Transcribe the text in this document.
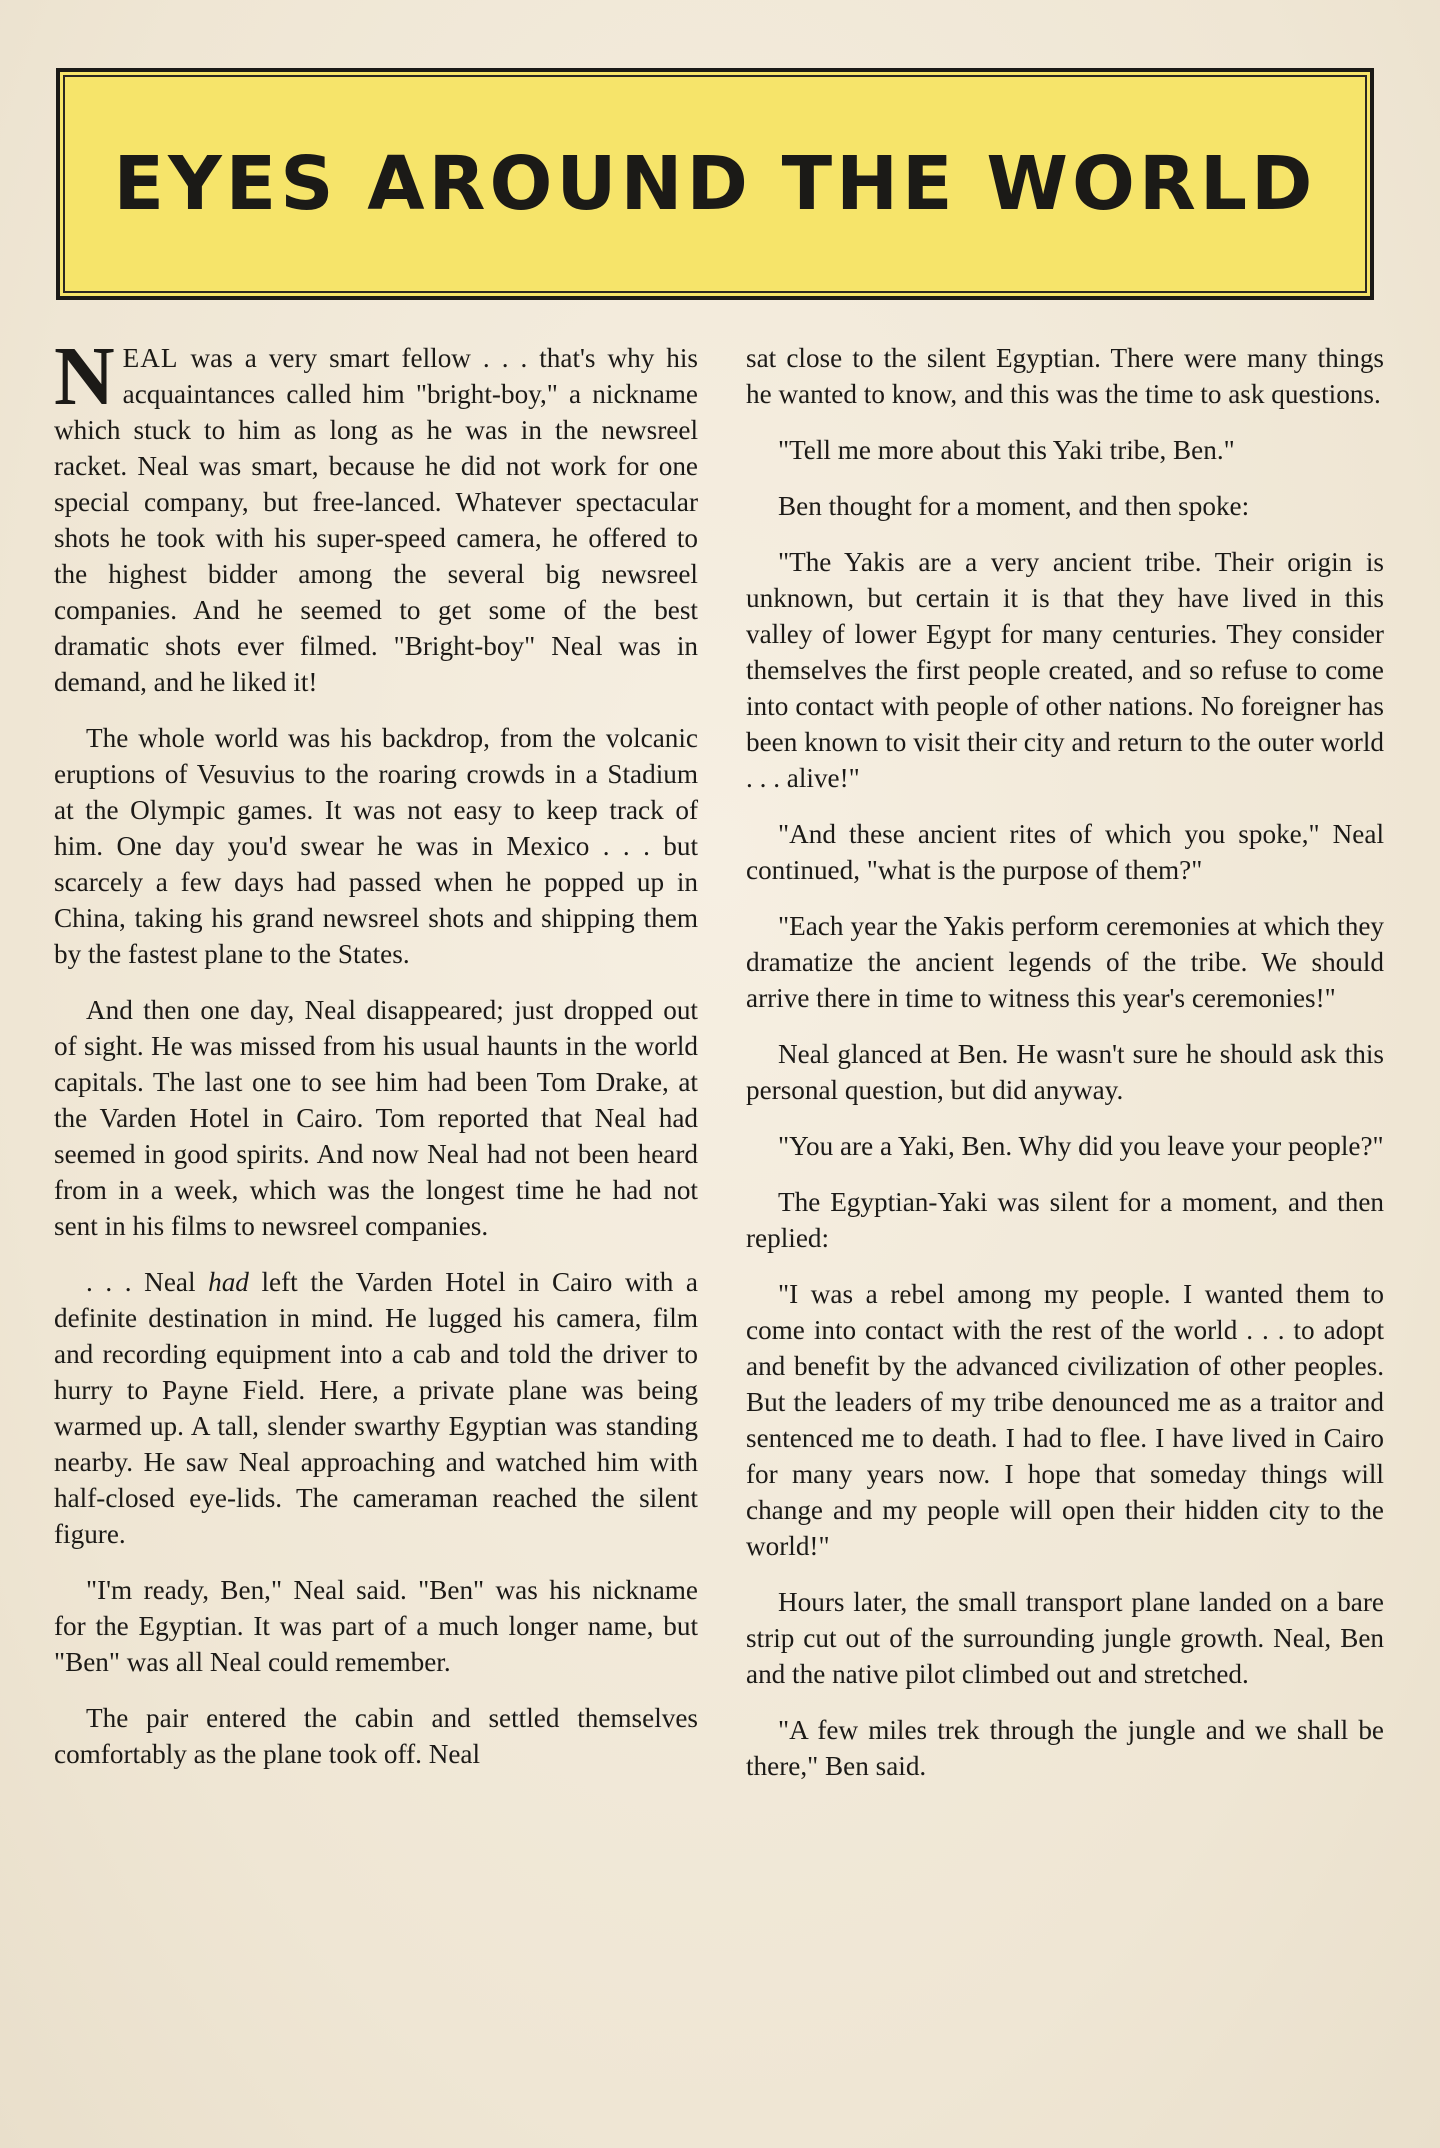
EYES AROUND THE WORLD

NEAL was a very smart fellow . . . that's why his acquaintances called him "bright-boy," a nickname which stuck to him as long as he was in the newsreel racket. Neal was smart, because he did not work for one special company, but free-lanced. Whatever spectacular shots he took with his super-speed camera, he offered to the highest bidder among the several big newsreel companies. And he seemed to get some of the best dramatic shots ever filmed. "Bright-boy" Neal was in demand, and he liked it!

The whole world was his backdrop, from the volcanic eruptions of Vesuvius to the roaring crowds in a Stadium at the Olympic games. It was not easy to keep track of him. One day you'd swear he was in Mexico . . . but scarcely a few days had passed when he popped up in China, taking his grand newsreel shots and shipping them by the fastest plane to the States.

And then one day, Neal disappeared; just dropped out of sight. He was missed from his usual haunts in the world capitals. The last one to see him had been Tom Drake, at the Varden Hotel in Cairo. Tom reported that Neal had seemed in good spirits. And now Neal had not been heard from in a week, which was the longest time he had not sent in his films to newsreel companies.

. . . Neal had left the Varden Hotel in Cairo with a definite destination in mind. He lugged his camera, film and recording equipment into a cab and told the driver to hurry to Payne Field. Here, a private plane was being warmed up. A tall, slender swarthy Egyptian was standing nearby. He saw Neal approaching and watched him with half-closed eye-lids. The cameraman reached the silent figure.

"I'm ready, Ben," Neal said. "Ben" was his nickname for the Egyptian. It was part of a much longer name, but "Ben" was all Neal could remember.

The pair entered the cabin and settled themselves comfortably as the plane took off. Neal

sat close to the silent Egyptian. There were many things he wanted to know, and this was the time to ask questions.

"Tell me more about this Yaki tribe, Ben."

Ben thought for a moment, and then spoke:

"The Yakis are a very ancient tribe. Their origin is unknown, but certain it is that they have lived in this valley of lower Egypt for many centuries. They consider themselves the first people created, and so refuse to come into contact with people of other nations. No foreigner has been known to visit their city and return to the outer world . . . alive!"

"And these ancient rites of which you spoke," Neal continued, "what is the purpose of them?"

"Each year the Yakis perform ceremonies at which they dramatize the ancient legends of the tribe. We should arrive there in time to witness this year's ceremonies!"

Neal glanced at Ben. He wasn't sure he should ask this personal question, but did anyway.

"You are a Yaki, Ben. Why did you leave your people?"

The Egyptian-Yaki was silent for a moment, and then replied:

"I was a rebel among my people. I wanted them to come into contact with the rest of the world . . . to adopt and benefit by the advanced civilization of other peoples. But the leaders of my tribe denounced me as a traitor and sentenced me to death. I had to flee. I have lived in Cairo for many years now. I hope that someday things will change and my people will open their hidden city to the world!"

Hours later, the small transport plane landed on a bare strip cut out of the surrounding jungle growth. Neal, Ben and the native pilot climbed out and stretched.

"A few miles trek through the jungle and we shall be there," Ben said.
